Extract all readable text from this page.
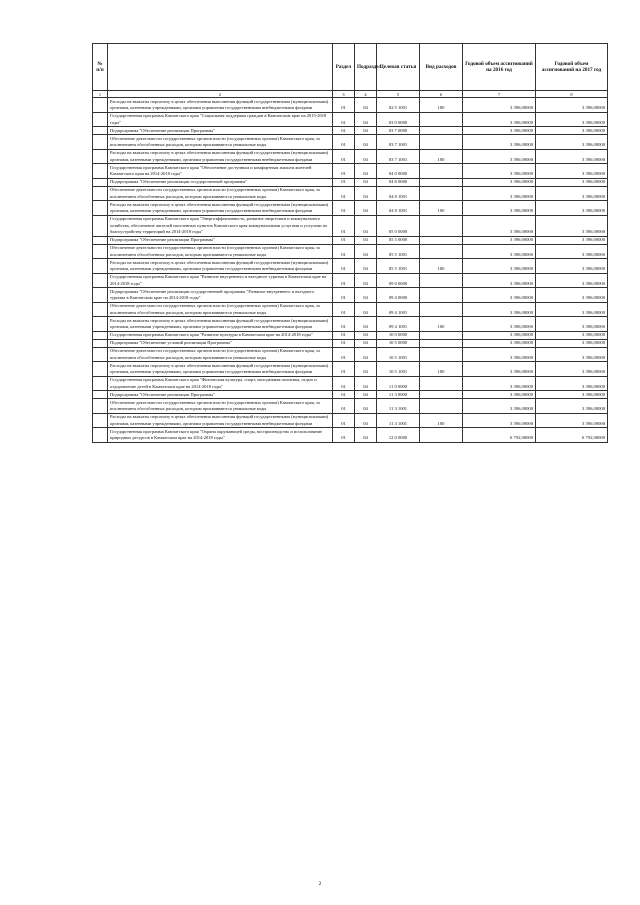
№ п/п		Раздел	Подраздел	Целевая статья	Вид расходов	Годовой объем ассигнований на 2016 год	Годовой объем ассигнований на 2017 год
1	2	3	4	5	6	7	8
	Расходы на выплаты персоналу в целях обеспечения выполнения функций государственными (муниципальными) органами, казенными учреждениями, органами управления государственными внебюджетными фондами	01	04	02 5 1001	100	3 396,00000	3 396,00000
	Государственная программа Камчатского края "Социальная поддержка граждан в Камчатском крае на 2015-2018 годы"	01	04	03 0 0000		3 396,00000	3 396,00000
	Подпрограмма "Обеспечение реализации Программы"	01	04	03 7 0000		3 396,00000	3 396,00000
	Обеспечение деятельности государственных органов власти (государственных органов) Камчатского края, за исключением обособленных расходов, которым присваиваются уникальные коды	01	04	03 7 1001		3 396,00000	3 396,00000
	Расходы на выплаты персоналу в целях обеспечения выполнения функций государственными (муниципальными) органами, казенными учреждениями, органами управления государственными внебюджетными фондами	01	04	03 7 1001	100	3 396,00000	3 396,00000
	Государственная программа Камчатского края "Обеспечение доступным и комфортным жильем жителей Камчатского края на 2014-2018 годы"	01	04	04 0 0000		3 396,00000	3 396,00000
	Подпрограмма "Обеспечение реализации государственной программы"	01	04	04 8 0000		3 396,00000	3 396,00000
	Обеспечение деятельности государственных органов власти (государственных органов) Камчатского края, за исключением обособленных расходов, которым присваиваются уникальные коды	01	04	04 8 1001		3 396,00000	3 396,00000
	Расходы на выплаты персоналу в целях обеспечения выполнения функций государственными (муниципальными) органами, казенными учреждениями, органами управления государственными внебюджетными фондами	01	04	04 8 1001	100	3 396,00000	3 396,00000
	Государственная программа Камчатского края "Энергоэффективность, развитие энергетики и коммунального хозяйства, обеспечение жителей населенных пунктов Камчатского края коммунальными услугами и услугами по благоустройству территорий на 2014-2018 годы"	01	04	05 0 0000		3 396,00000	3 396,00000
	Подпрограмма "Обеспечение реализации Программы"	01	04	05 5 0000		3 396,00000	3 396,00000
	Обеспечение деятельности государственных органов власти (государственных органов) Камчатского края, за исключением обособленных расходов, которым присваиваются уникальные коды	01	04	05 5 1001		3 396,00000	3 396,00000
	Расходы на выплаты персоналу в целях обеспечения выполнения функций государственными (муниципальными) органами, казенными учреждениями, органами управления государственными внебюджетными фондами	01	04	05 5 1001	100	3 396,00000	3 396,00000
	Государственная программа Камчатского края "Развитие внутреннего и въездного туризма в Камчатском крае на 2014-2018 годы"	01	04	09 0 0000		3 396,00000	3 396,00000
	Подпрограмма "Обеспечение реализации государственной программы "Развитие внутреннего и въездного туризма в Камчатском крае на 2014-2018 годы"	01	04	09 4 0000		3 396,00000	3 396,00000
	Обеспечение деятельности государственных органов власти (государственных органов) Камчатского края, за исключением обособленных расходов, которым присваиваются уникальные коды	01	04	09 4 1001		3 396,00000	3 396,00000
	Расходы на выплаты персоналу в целях обеспечения выполнения функций государственными (муниципальными) органами, казенными учреждениями, органами управления государственными внебюджетными фондами	01	04	09 4 1001	100	3 396,00000	3 396,00000
	Государственная программа Камчатского края "Развитие культуры в Камчатском крае на 2014-2018 годы"	01	04	10 0 0000		3 396,00000	3 396,00000
	Подпрограмма "Обеспечение условий реализации Программы"	01	04	10 5 0000		3 396,00000	3 396,00000
	Обеспечение деятельности государственных органов власти (государственных органов) Камчатского края, за исключением обособленных расходов, которым присваиваются уникальные коды	01	04	10 5 1001		3 396,00000	3 396,00000
	Расходы на выплаты персоналу в целях обеспечения выполнения функций государственными (муниципальными) органами, казенными учреждениями, органами управления государственными внебюджетными фондами	01	04	10 5 1001	100	3 396,00000	3 396,00000
	Государственная программа Камчатского края "Физическая культура, спорт, молодежная политика, отдых и оздоровление детей в Камчатском крае на 2014-2018 годы"	01	04	11 0 0000		3 396,00000	3 396,00000
	Подпрограмма "Обеспечение реализации Программы"	01	04	11 3 0000		3 396,00000	3 396,00000
	Обеспечение деятельности государственных органов власти (государственных органов) Камчатского края, за исключением обособленных расходов, которым присваиваются уникальные коды	01	04	11 3 1001		3 396,00000	3 396,00000
	Расходы на выплаты персоналу в целях обеспечения выполнения функций государственными (муниципальными) органами, казенными учреждениями, органами управления государственными внебюджетными фондами	01	04	11 3 1001	100	3 396,00000	3 396,00000
	Государственная программа Камчатского края "Охрана окружающей среды, воспроизводство и использование природных ресурсов в Камчатском крае на 2014-2018 годы"	01	04	12 0 0000		6 792,00000	6 792,00000
2
